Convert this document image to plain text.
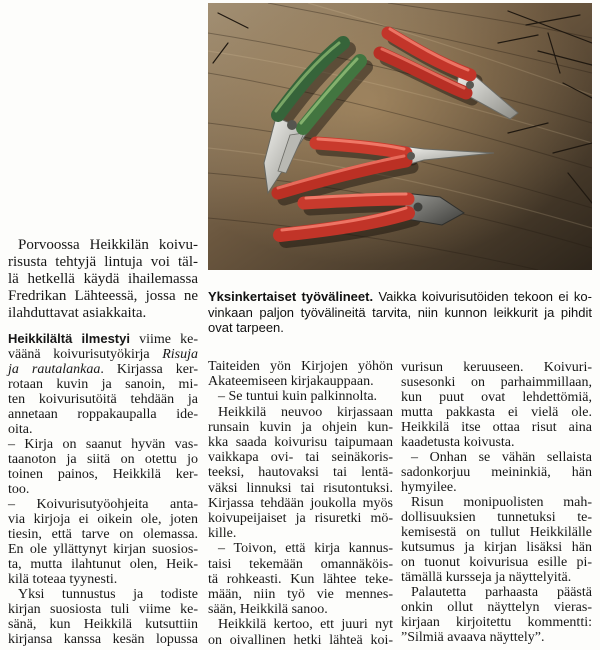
Yksinkertaiset työvälineet. Vaikka koivurisutöiden tekoon ei ko-
vinkaan paljon työvälineitä tarvita, niin kunnon leikkurit ja pihdit
ovat tarpeen.
Porvoossa Heikkilän koivu-
risusta tehtyjä lintuja voi täl-
lä hetkellä käydä ihailemassa
Fredrikan Lähteessä, jossa ne
ilahduttavat asiakkaita.
Heikkilältä ilmestyi viime ke-
väänä koivurisutyökirja Risuja
ja rautalankaa. Kirjassa ker-
rotaan kuvin ja sanoin, mi-
ten koivurisutöitä tehdään ja
annetaan roppakaupalla ide-
oita.
– Kirja on saanut hyvän vas-
taanoton ja siitä on otettu jo
toinen painos, Heikkilä ker-
too.
– Koivurisutyöohjeita anta-
via kirjoja ei oikein ole, joten
tiesin, että tarve on olemassa.
En ole yllättynyt kirjan suosios-
ta, mutta ilahtunut olen, Heik-
kilä toteaa tyynesti.
Yksi tunnustus ja todiste
kirjan suosiosta tuli viime ke-
sänä, kun Heikkilä kutsuttiin
kirjansa kanssa kesän lopussa
Taiteiden yön Kirjojen yöhön
Akateemiseen kirjakauppaan.
– Se tuntui kuin palkinnolta.
Heikkilä neuvoo kirjassaan
runsain kuvin ja ohjein kun-
kka saada koivurisu taipumaan
vaikkapa ovi- tai seinäkoris-
teeksi, hautovaksi tai lentä-
väksi linnuksi tai risutontuksi.
Kirjassa tehdään joukolla myös
koivupeijaiset ja risuretki mö-
kille.
– Toivon, että kirja kannus-
taisi tekemään omannäköis-
tä rohkeasti. Kun lähtee teke-
mään, niin työ vie mennes-
sään, Heikkilä sanoo.
Heikkilä kertoo, ett juuri nyt
on oivallinen hetki lähteä koi-
vurisun keruuseen. Koivuri-
susesonki on parhaimmillaan,
kun puut ovat lehdettömiä,
mutta pakkasta ei vielä ole.
Heikkilä itse ottaa risut aina
kaadetusta koivusta.
– Onhan se vähän sellaista
sadonkorjuu meininkiä, hän
hymyilee.
Risun monipuolisten mah-
dollisuuksien tunnetuksi te-
kemisestä on tullut Heikkilälle
kutsumus ja kirjan lisäksi hän
on tuonut koivurisua esille pi-
tämällä kursseja ja näyttelyitä.
Palautetta parhaasta päästä
onkin ollut näyttelyn vieras-
kirjaan kirjoitettu kommentti:
”Silmiä avaava näyttely”.
